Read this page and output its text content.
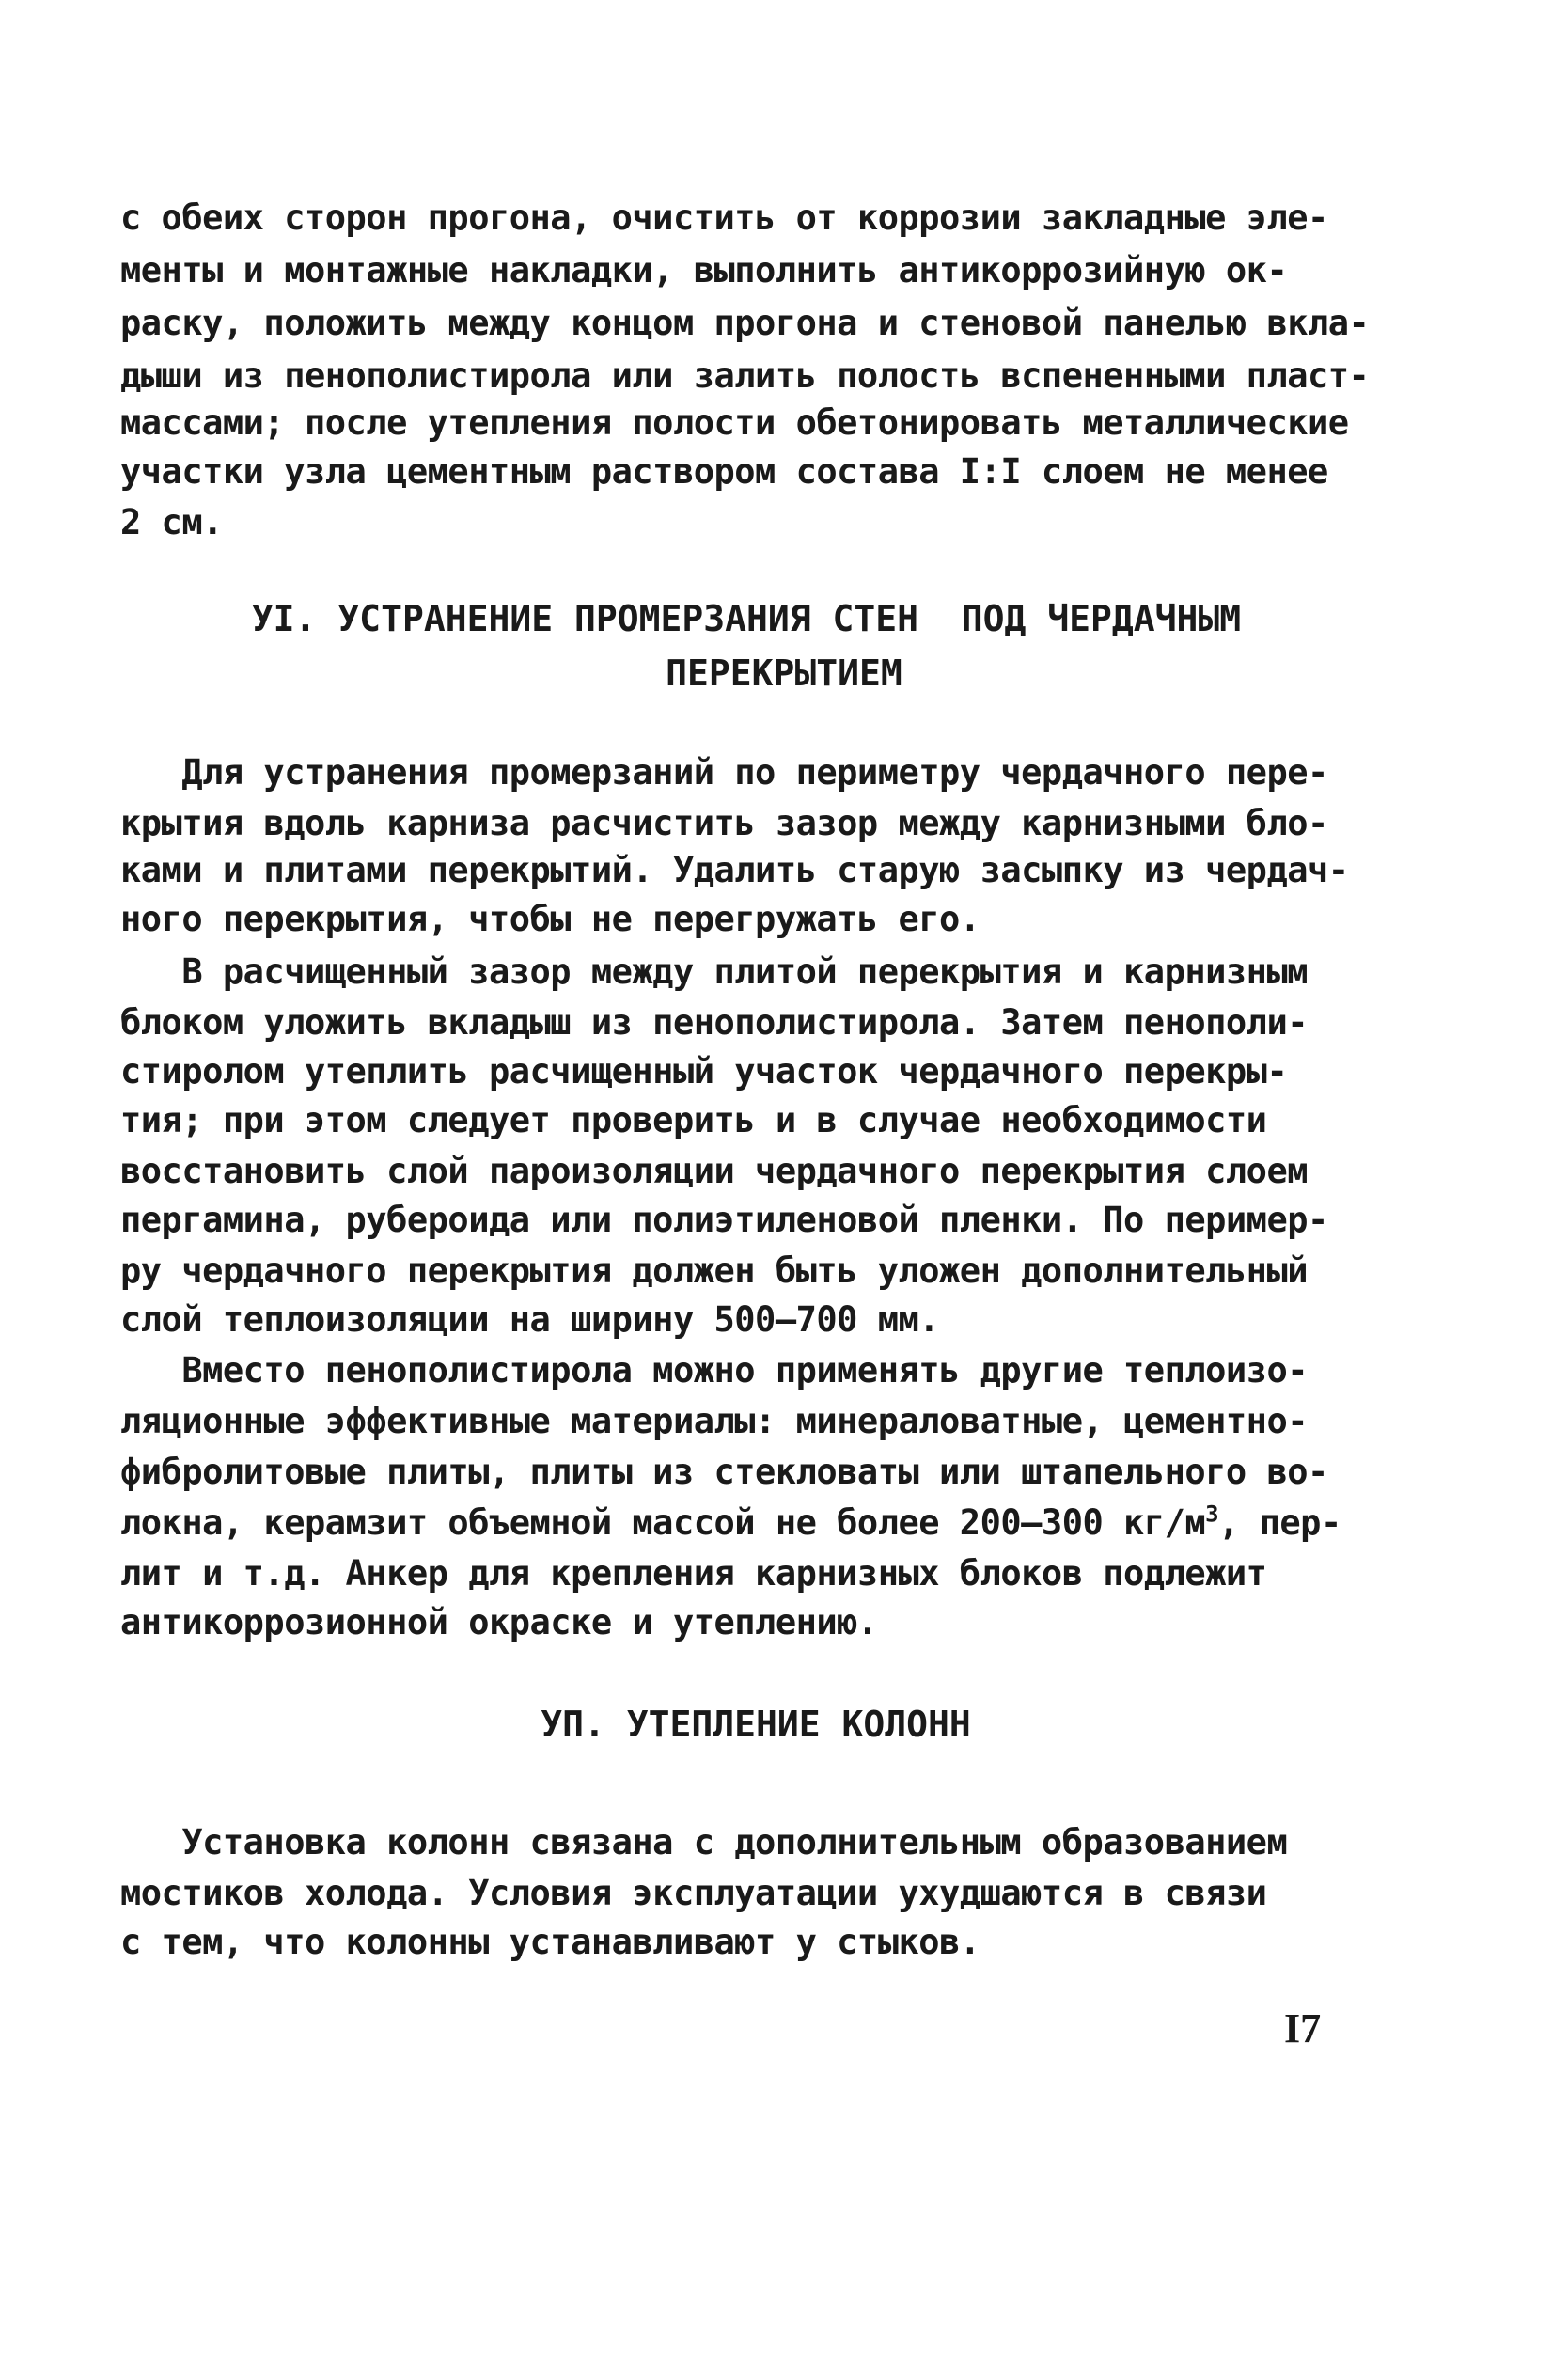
с обеих сторон прогона, очистить от коррозии закладные эле-
менты и монтажные накладки, выполнить антикоррозийную ок-
раску, положить между концом прогона и стеновой панелью вкла-
дыши из пенополистирола или залить полость вспененными пласт-
массами; после утепления полости обетонировать металлические
участки узла цементным раствором состава I:I слоем не менее
2 см.
УI. УСТРАНЕНИЕ ПРОМЕРЗАНИЯ СТЕН  ПОД ЧЕРДАЧНЫМ
ПЕРЕКРЫТИЕМ
Для устранения промерзаний по периметру чердачного пере-
крытия вдоль карниза расчистить зазор между карнизными бло-
ками и плитами перекрытий. Удалить старую засыпку из чердач-
ного перекрытия, чтобы не перегружать его.
В расчищенный зазор между плитой перекрытия и карнизным
блоком уложить вкладыш из пенополистирола. Затем пенополи-
стиролом утеплить расчищенный участок чердачного перекры-
тия; при этом следует проверить и в случае необходимости
восстановить слой пароизоляции чердачного перекрытия слоем
пергамина, рубероида или полиэтиленовой пленки. По пеример-
ру чердачного перекрытия должен быть уложен дополнительный
слой теплоизоляции на ширину 500–700 мм.
Вместо пенополистирола можно применять другие теплоизо-
ляционные эффективные материалы: минераловатные, цементно-
фибролитовые плиты, плиты из стекловаты или штапельного во-
локна, керамзит объемной массой не более 200–300 $кг/м^3$, пер-
лит и т.д. Анкер для крепления карнизных блоков подлежит
антикоррозионной окраске и утеплению.
УП. УТЕПЛЕНИЕ КОЛОНН
Установка колонн связана с дополнительным образованием
мостиков холода. Условия эксплуатации ухудшаются в связи
с тем, что колонны устанавливают у стыков.
I7
